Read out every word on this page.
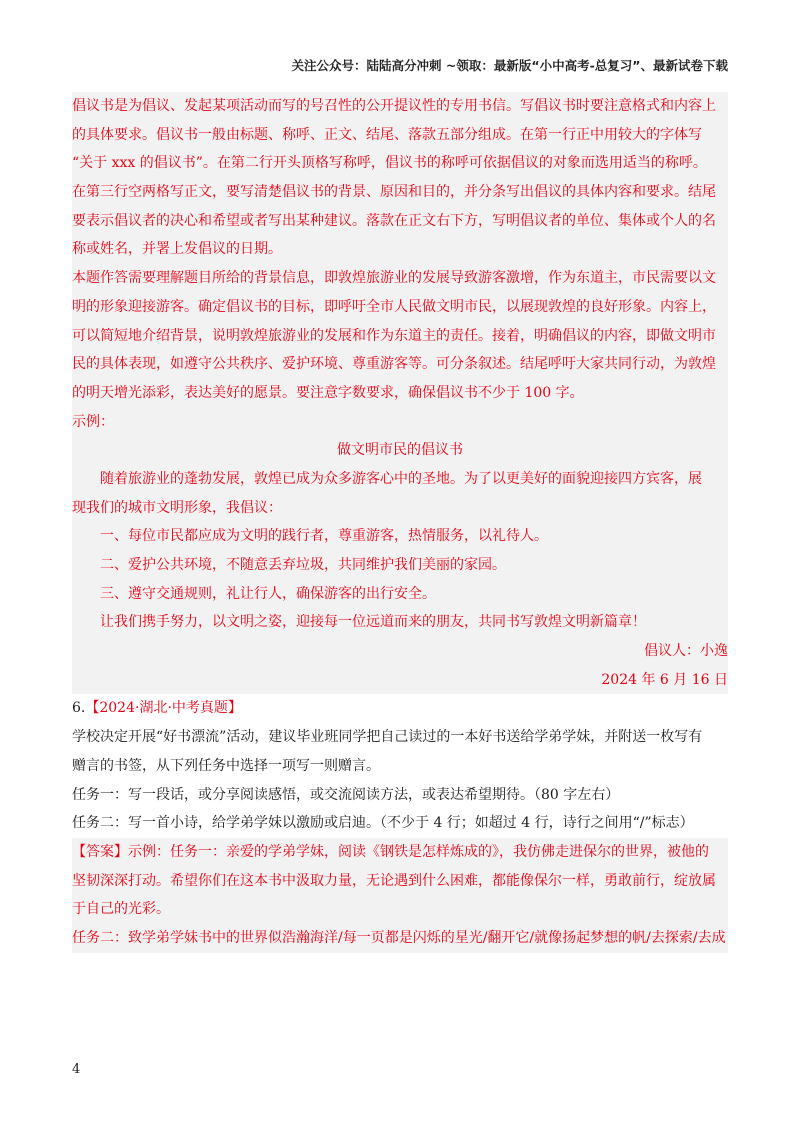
关注公众号：陆陆高分冲刺 ~领取：最新版“小中高考-总复习”、最新试卷下载
倡议书是为倡议、发起某项活动而写的号召性的公开提议性的专用书信。写倡议书时要注意格式和内容上
的具体要求。倡议书一般由标题、称呼、正文、结尾、落款五部分组成。在第一行正中用较大的字体写
“关于 xxx 的倡议书”。在第二行开头顶格写称呼，倡议书的称呼可依据倡议的对象而选用适当的称呼。
在第三行空两格写正文，要写清楚倡议书的背景、原因和目的，并分条写出倡议的具体内容和要求。结尾
要表示倡议者的决心和希望或者写出某种建议。落款在正文右下方，写明倡议者的单位、集体或个人的名
称或姓名，并署上发倡议的日期。
本题作答需要理解题目所给的背景信息，即敦煌旅游业的发展导致游客激增，作为东道主，市民需要以文
明的形象迎接游客。确定倡议书的目标，即呼吁全市人民做文明市民，以展现敦煌的良好形象。内容上，
可以简短地介绍背景，说明敦煌旅游业的发展和作为东道主的责任。接着，明确倡议的内容，即做文明市
民的具体表现，如遵守公共秩序、爱护环境、尊重游客等。可分条叙述。结尾呼吁大家共同行动，为敦煌
的明天增光添彩，表达美好的愿景。要注意字数要求，确保倡议书不少于 100 字。
示例：
做文明市民的倡议书
随着旅游业的蓬勃发展，敦煌已成为众多游客心中的圣地。为了以更美好的面貌迎接四方宾客，展
现我们的城市文明形象，我倡议：
一、每位市民都应成为文明的践行者，尊重游客，热情服务，以礼待人。
二、爱护公共环境，不随意丢弃垃圾，共同维护我们美丽的家园。
三、遵守交通规则，礼让行人，确保游客的出行安全。
让我们携手努力，以文明之姿，迎接每一位远道而来的朋友，共同书写敦煌文明新篇章！
倡议人：小逸
2024 年 6 月 16 日
6.【2024·湖北·中考真题】
学校决定开展“好书漂流”活动，建议毕业班同学把自己读过的一本好书送给学弟学妹，并附送一枚写有
赠言的书签，从下列任务中选择一项写一则赠言。
任务一：写一段话，或分享阅读感悟，或交流阅读方法，或表达希望期待。（80 字左右）
任务二：写一首小诗，给学弟学妹以激励或启迪。（不少于 4 行；如超过 4 行，诗行之间用“/”标志）
【答案】示例：任务一：亲爱的学弟学妹，阅读《钢铁是怎样炼成的》，我仿佛走进保尔的世界，被他的
坚韧深深打动。希望你们在这本书中汲取力量，无论遇到什么困难，都能像保尔一样，勇敢前行，绽放属
于自己的光彩。
任务二：致学弟学妹书中的世界似浩瀚海洋/每一页都是闪烁的星光/翻开它/就像扬起梦想的帆/去探索/去成
4
